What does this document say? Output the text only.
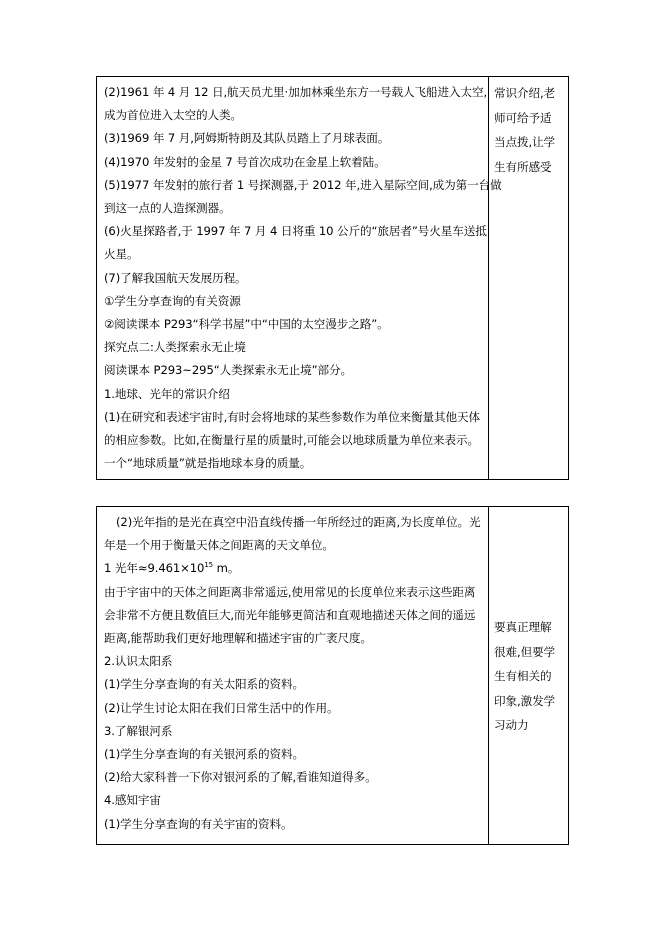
(2)1961 年 4 月 12 日,航天员尤里·加加林乘坐东方一号载人飞船进入太空,
成为首位进入太空的人类。
(3)1969 年 7 月,阿姆斯特朗及其队员踏上了月球表面。
(4)1970 年发射的金星 7 号首次成功在金星上软着陆。
(5)1977 年发射的旅行者 1 号探测器,于 2012 年,进入星际空间,成为第一台做
到这一点的人造探测器。
(6)火星探路者,于 1997 年 7 月 4 日将重 10 公斤的“旅居者”号火星车送抵
火星。
(7)了解我国航天发展历程。
①学生分享查询的有关资源
②阅读课本 P293“科学书屋”中“中国的太空漫步之路”。
探究点二:人类探索永无止境
阅读课本 P293~295“人类探索永无止境”部分。
1.地球、光年的常识介绍
(1)在研究和表述宇宙时,有时会将地球的某些参数作为单位来衡量其他天体
的相应参数。比如,在衡量行星的质量时,可能会以地球质量为单位来表示。
一个“地球质量”就是指地球本身的质量。

常识介绍,老
师可给予适
当点拨,让学
生有所感受
(2)光年指的是光在真空中沿直线传播一年所经过的距离,为长度单位。光
年是一个用于衡量天体之间距离的天文单位。
1 光年$\approx 9.461\times 10^{15}$ m。
由于宇宙中的天体之间距离非常遥远,使用常见的长度单位来表示这些距离
会非常不方便且数值巨大,而光年能够更简洁和直观地描述天体之间的遥远
距离,能帮助我们更好地理解和描述宇宙的广袤尺度。
2.认识太阳系
(1)学生分享查询的有关太阳系的资料。
(2)让学生讨论太阳在我们日常生活中的作用。
3.了解银河系
(1)学生分享查询的有关银河系的资料。
(2)给大家科普一下你对银河系的了解,看谁知道得多。
4.感知宇宙
(1)学生分享查询的有关宇宙的资料。

要真正理解
很难,但要学
生有相关的
印象,激发学
习动力
